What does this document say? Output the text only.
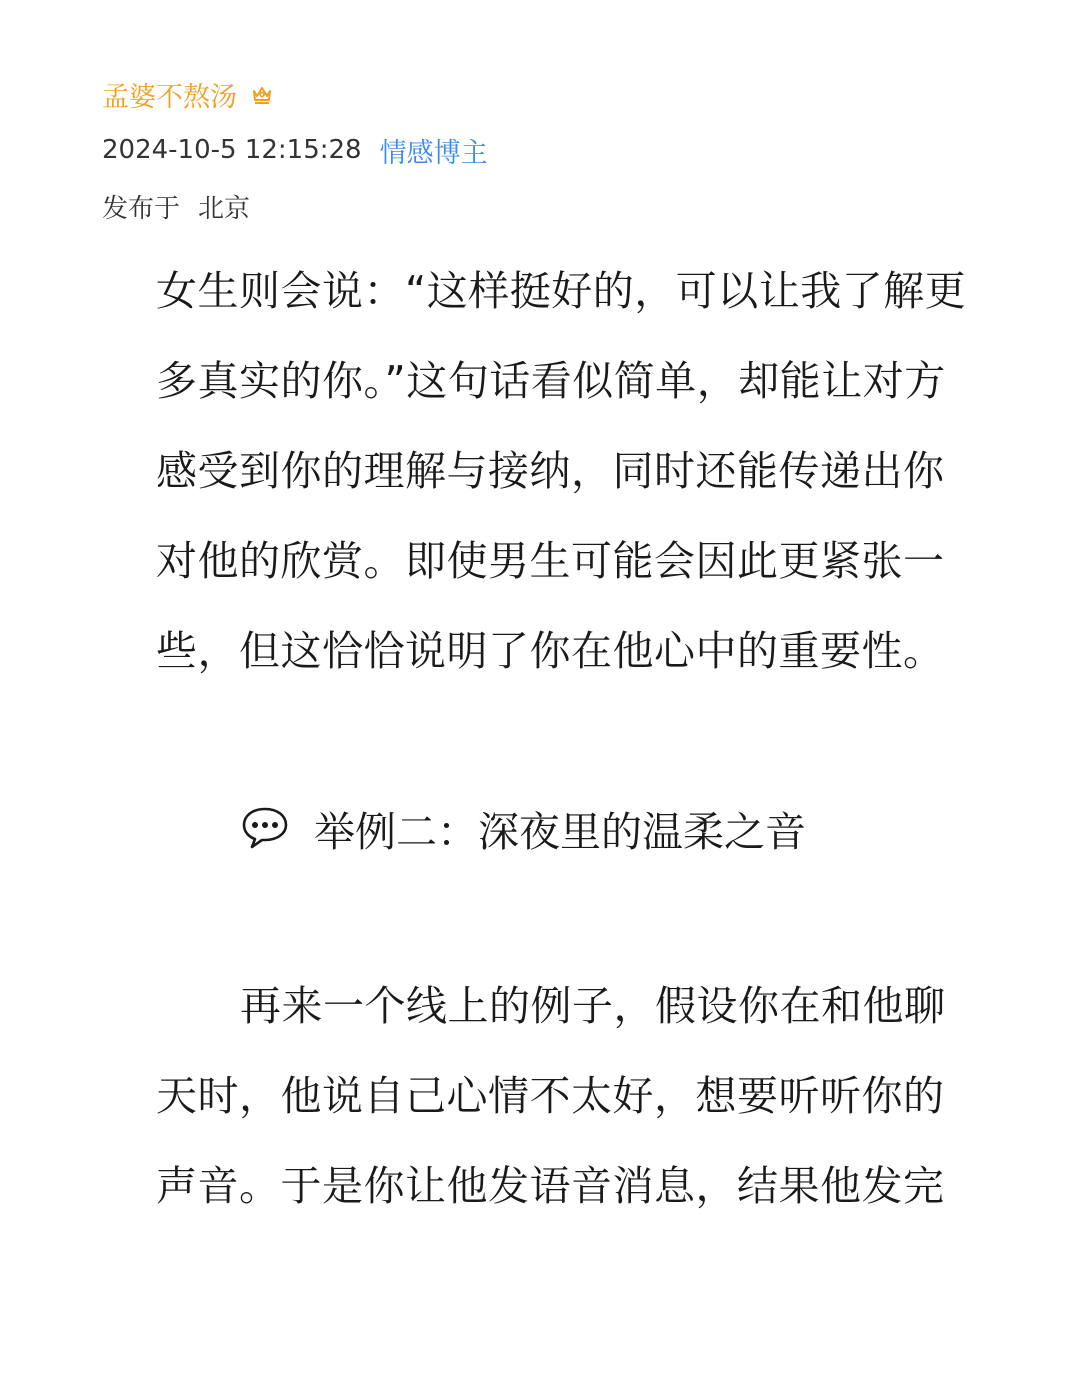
孟婆不熬汤
2024-10-5 12:15:28 情感博主
发布于 北京
女生则会说：“这样挺好的，可以让我了解更
多真实的你。”这句话看似简单，却能让对方
感受到你的理解与接纳，同时还能传递出你
对他的欣赏。即使男生可能会因此更紧张一
些，但这恰恰说明了你在他心中的重要性。
举例二：深夜里的温柔之音
再来一个线上的例子，假设你在和他聊
天时，他说自己心情不太好，想要听听你的
声音。于是你让他发语音消息，结果他发完
